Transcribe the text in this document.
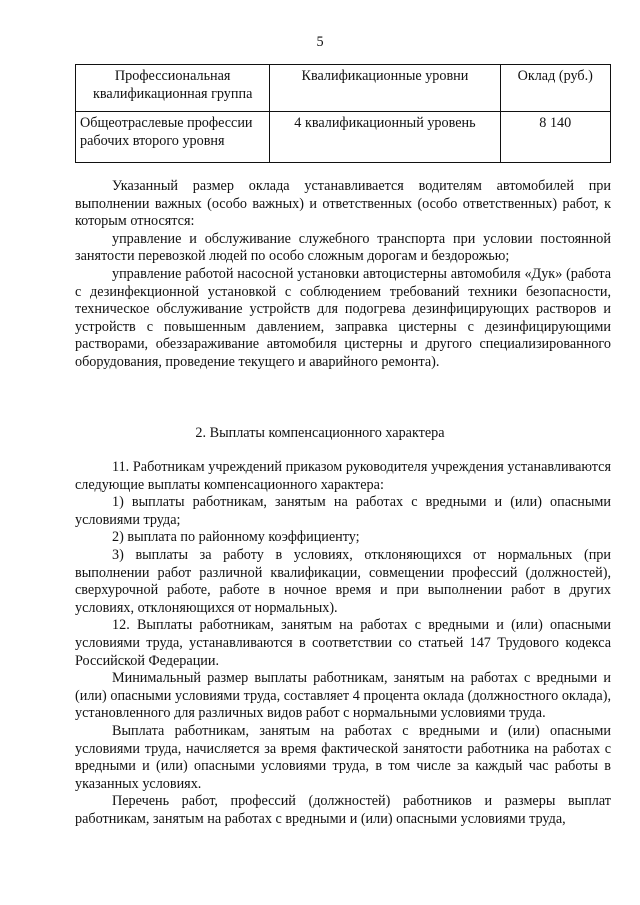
5
Профессиональная квалификационная группа	Квалификационные уровни	Оклад (руб.)
Общеотраслевые профессии рабочих второго уровня	4 квалификационный уровень	8 140

Указанный размер оклада устанавливается водителям автомобилей при выполнении важных (особо важных) и ответственных (особо ответственных) работ, к которым относятся:

управление и обслуживание служебного транспорта при условии постоянной занятости перевозкой людей по особо сложным дорогам и бездорожью;

управление работой насосной установки автоцистерны автомобиля «Дук» (работа с дезинфекционной установкой с соблюдением требований техники безопасности, техническое обслуживание устройств для подогрева дезинфицирующих растворов и устройств с повышенным давлением, заправка цистерны с дезинфицирующими растворами, обеззараживание автомобиля цистерны и другого специализированного оборудования, проведение текущего и аварийного ремонта).

2. Выплаты компенсационного характера

11. Работникам учреждений приказом руководителя учреждения устанавливаются следующие выплаты компенсационного характера:

1) выплаты работникам, занятым на работах с вредными и (или) опасными условиями труда;

2) выплата по районному коэффициенту;

3) выплаты за работу в условиях, отклоняющихся от нормальных (при выполнении работ различной квалификации, совмещении профессий (должностей), сверхурочной работе, работе в ночное время и при выполнении работ в других условиях, отклоняющихся от нормальных).

12. Выплаты работникам, занятым на работах с вредными и (или) опасными условиями труда, устанавливаются в соответствии со статьей 147 Трудового кодекса Российской Федерации.

Минимальный размер выплаты работникам, занятым на работах с вредными и (или) опасными условиями труда, составляет 4 процента оклада (должностного оклада), установленного для различных видов работ с нормальными условиями труда.

Выплата работникам, занятым на работах с вредными и (или) опасными условиями труда, начисляется за время фактической занятости работника на работах с вредными и (или) опасными условиями труда, в том числе за каждый час работы в указанных условиях.

Перечень работ, профессий (должностей) работников и размеры выплат работникам, занятым на работах с вредными и (или) опасными условиями труда,
